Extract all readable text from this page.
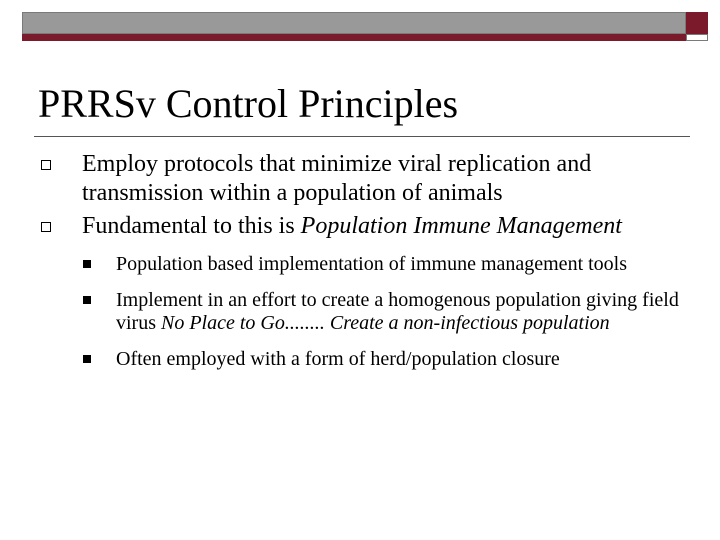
PRRSv Control Principles
Employ protocols that minimize viral replication and transmission within a population of animals
Fundamental to this is Population Immune Management
Population based implementation of immune management tools
Implement in an effort to create a homogenous population giving field virus No Place to Go........ Create a non-infectious population
Often employed with a form of herd/population closure
